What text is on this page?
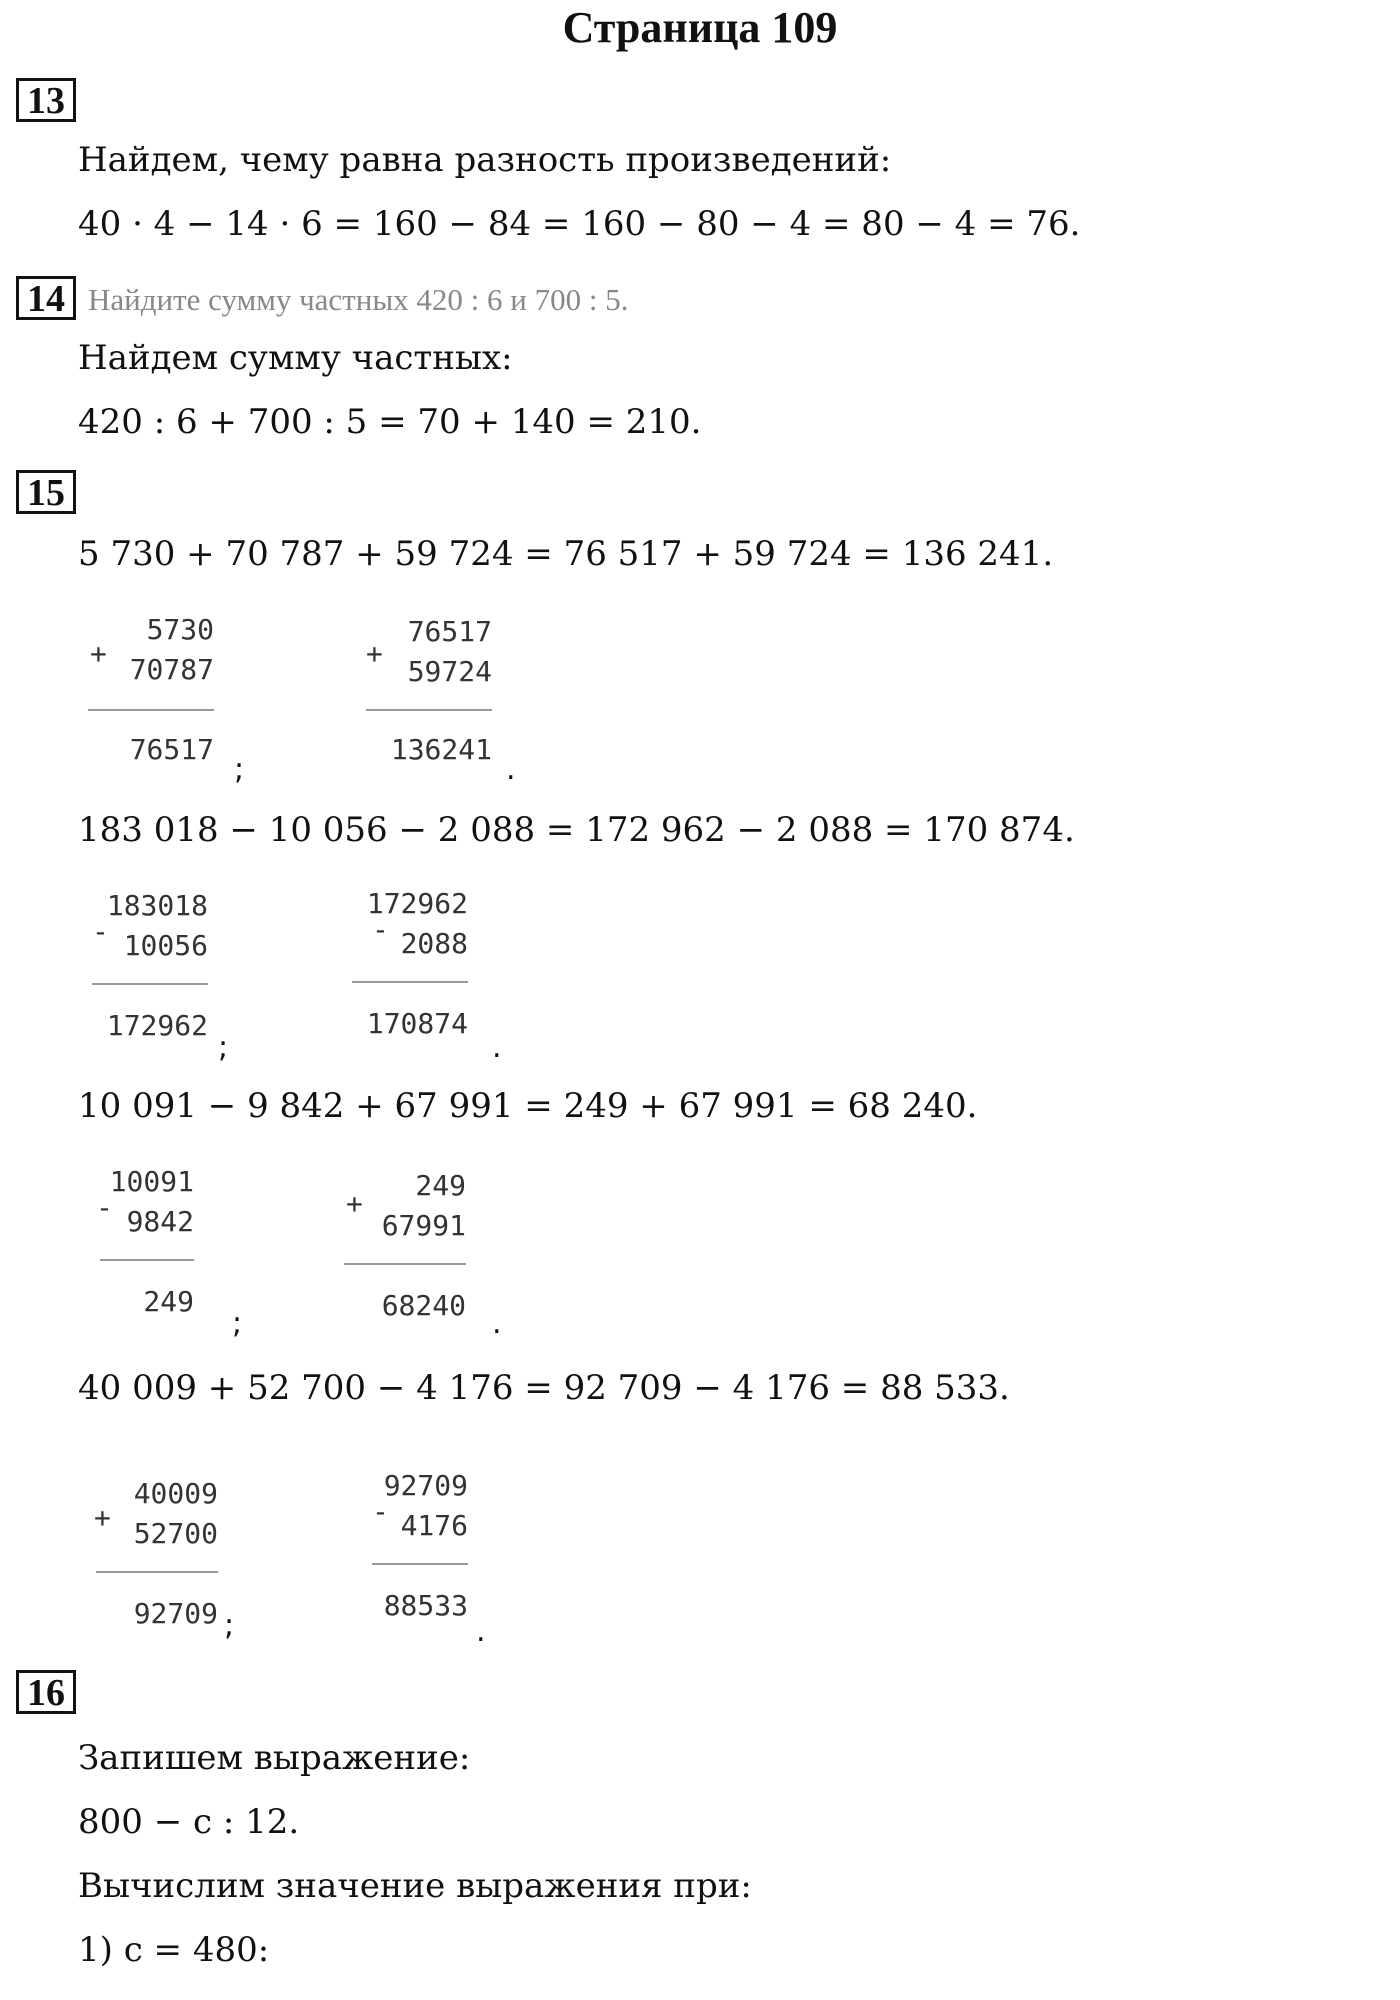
Страница 109
13
Найдем, чему равна разность произведений:
40 · 4 − 14 · 6 = 160 − 84 = 160 − 80 − 4 = 80 − 4 = 76.
14 Найдите сумму частных 420 : 6 и 700 : 5.
Найдем сумму частных:
420 : 6 + 700 : 5 = 70 + 140 = 210.
15
5 730 + 70 787 + 59 724 = 76 517 + 59 724 = 136 241.
+
5730
70787
76517
;
+
76517
59724
136241
.
183 018 − 10 056 − 2 088 = 172 962 − 2 088 = 170 874.
183018
- 10056
172962
;
172962
- 2088
170874
.
10 091 − 9 842 + 67 991 = 249 + 67 991 = 68 240.
10091
- 9842
249
;
+
249
67991
68240
.
40 009 + 52 700 − 4 176 = 92 709 − 4 176 = 88 533.
+
40009
52700
92709 ;
92709
- 4176
88533
.
16
Запишем выражение:
800 − c : 12.
Вычислим значение выражения при:
1) c = 480:
